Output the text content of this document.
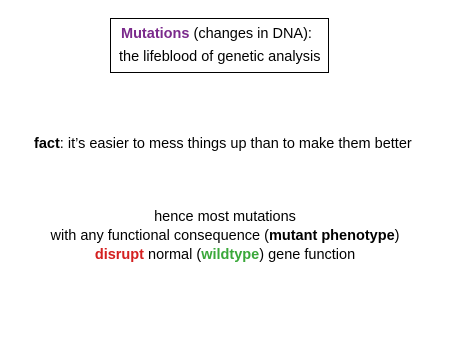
Mutations (changes in DNA):
the lifeblood of genetic analysis
fact: it’s easier to mess things up than to make them better
hence most mutations
with any functional consequence (mutant phenotype)
disrupt normal (wildtype) gene function
